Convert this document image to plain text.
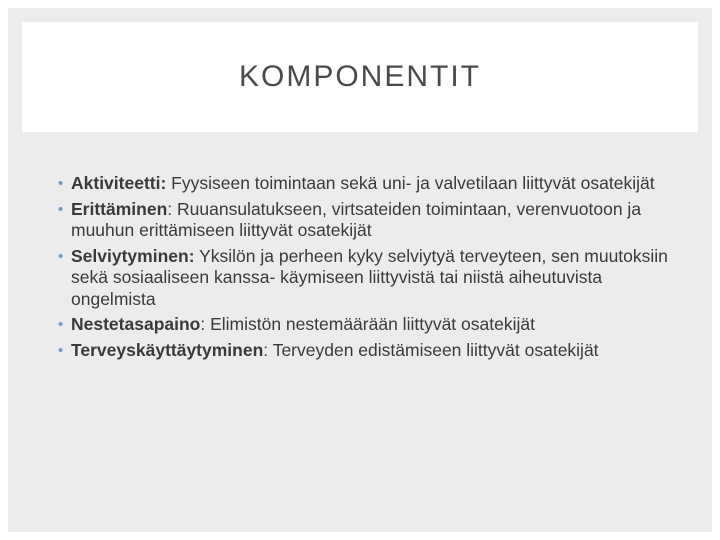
KOMPONENTIT
• Aktiviteetti: Fyysiseen toimintaan sekä uni- ja valvetilaan liittyvät osatekijät
• Erittäminen: Ruuansulatukseen, virtsateiden toimintaan, verenvuotoon ja muuhun erittämiseen liittyvät osatekijät
• Selviytyminen: Yksilön ja perheen kyky selviytyä terveyteen, sen muutoksiin sekä sosiaaliseen kanssa- käymiseen liittyvistä tai niistä aiheutuvista ongelmista
• Nestetasapaino: Elimistön nestemäärään liittyvät osatekijät
• Terveyskäyttäytyminen: Terveyden edistämiseen liittyvät osatekijät
